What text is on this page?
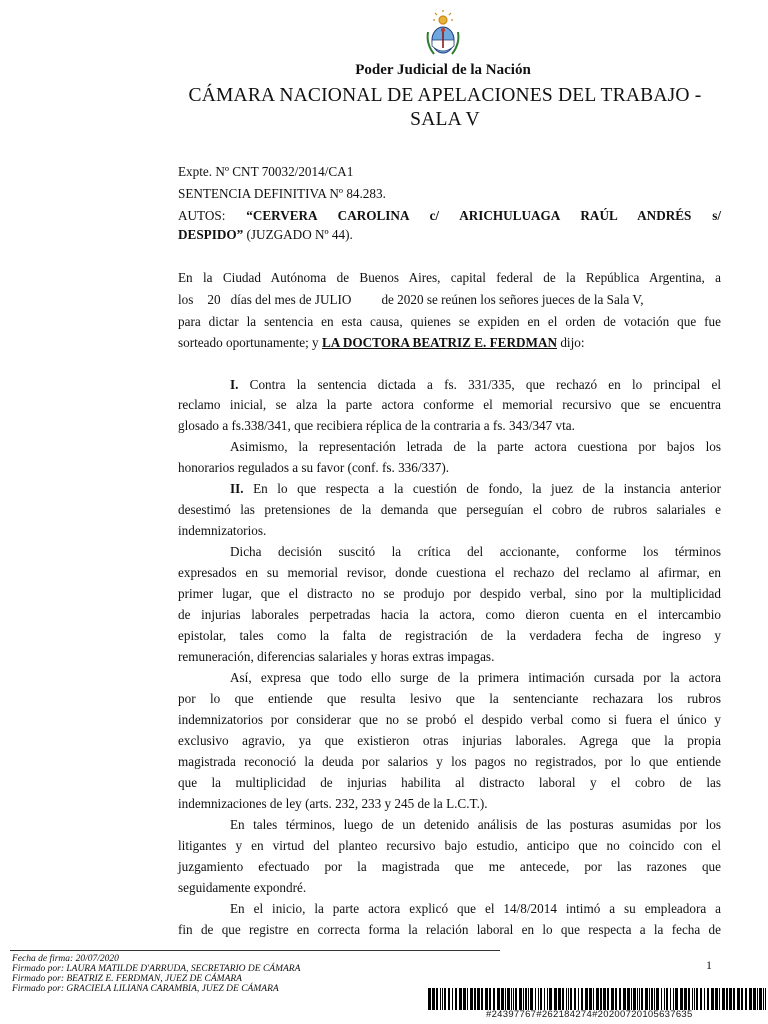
Poder Judicial de la Nación
CÁMARA NACIONAL DE APELACIONES DEL TRABAJO -
SALA V
Expte. Nº CNT 70032/2014/CA1
SENTENCIA DEFINITIVA Nº 84.283.
AUTOS: “CERVERA CAROLINA c/ ARICHULUAGA RAÚL ANDRÉS s/
DESPIDO” (JUZGADO Nº 44).
En la Ciudad Autónoma de Buenos Aires, capital federal de la República Argentina, a
los 20 días del mes de JULIO de 2020 se reúnen los señores jueces de la Sala V,
para dictar la sentencia en esta causa, quienes se expiden en el orden de votación que fue
sorteado oportunamente; y LA DOCTORA BEATRIZ E. FERDMAN dijo:
I. Contra la sentencia dictada a fs. 331/335, que rechazó en lo principal el
reclamo inicial, se alza la parte actora conforme el memorial recursivo que se encuentra
glosado a fs.338/341, que recibiera réplica de la contraria a fs. 343/347 vta.
Asimismo, la representación letrada de la parte actora cuestiona por bajos los
honorarios regulados a su favor (conf. fs. 336/337).
II. En lo que respecta a la cuestión de fondo, la juez de la instancia anterior
desestimó las pretensiones de la demanda que perseguían el cobro de rubros salariales e
indemnizatorios.
Dicha decisión suscitó la crítica del accionante, conforme los términos
expresados en su memorial revisor, donde cuestiona el rechazo del reclamo al afirmar, en
primer lugar, que el distracto no se produjo por despido verbal, sino por la multiplicidad
de injurias laborales perpetradas hacia la actora, como dieron cuenta en el intercambio
epistolar, tales como la falta de registración de la verdadera fecha de ingreso y
remuneración, diferencias salariales y horas extras impagas.
Así, expresa que todo ello surge de la primera intimación cursada por la actora
por lo que entiende que resulta lesivo que la sentenciante rechazara los rubros
indemnizatorios por considerar que no se probó el despido verbal como si fuera el único y
exclusivo agravio, ya que existieron otras injurias laborales. Agrega que la propia
magistrada reconoció la deuda por salarios y los pagos no registrados, por lo que entiende
que la multiplicidad de injurias habilita al distracto laboral y el cobro de las
indemnizaciones de ley (arts. 232, 233 y 245 de la L.C.T.).
En tales términos, luego de un detenido análisis de las posturas asumidas por los
litigantes y en virtud del planteo recursivo bajo estudio, anticipo que no coincido con el
juzgamiento efectuado por la magistrada que me antecede, por las razones que
seguidamente expondré.
En el inicio, la parte actora explicó que el 14/8/2014 intimó a su empleadora a
fin de que registre en correcta forma la relación laboral en lo que respecta a la fecha de
Fecha de firma: 20/07/2020
Firmado por: LAURA MATILDE D'ARRUDA, SECRETARIO DE CÁMARA
Firmado por: BEATRIZ E. FERDMAN, JUEZ DE CÁMARA
Firmado por: GRACIELA LILIANA CARAMBIA, JUEZ DE CÁMARA
1
#24397767#262184274#20200720105637635
